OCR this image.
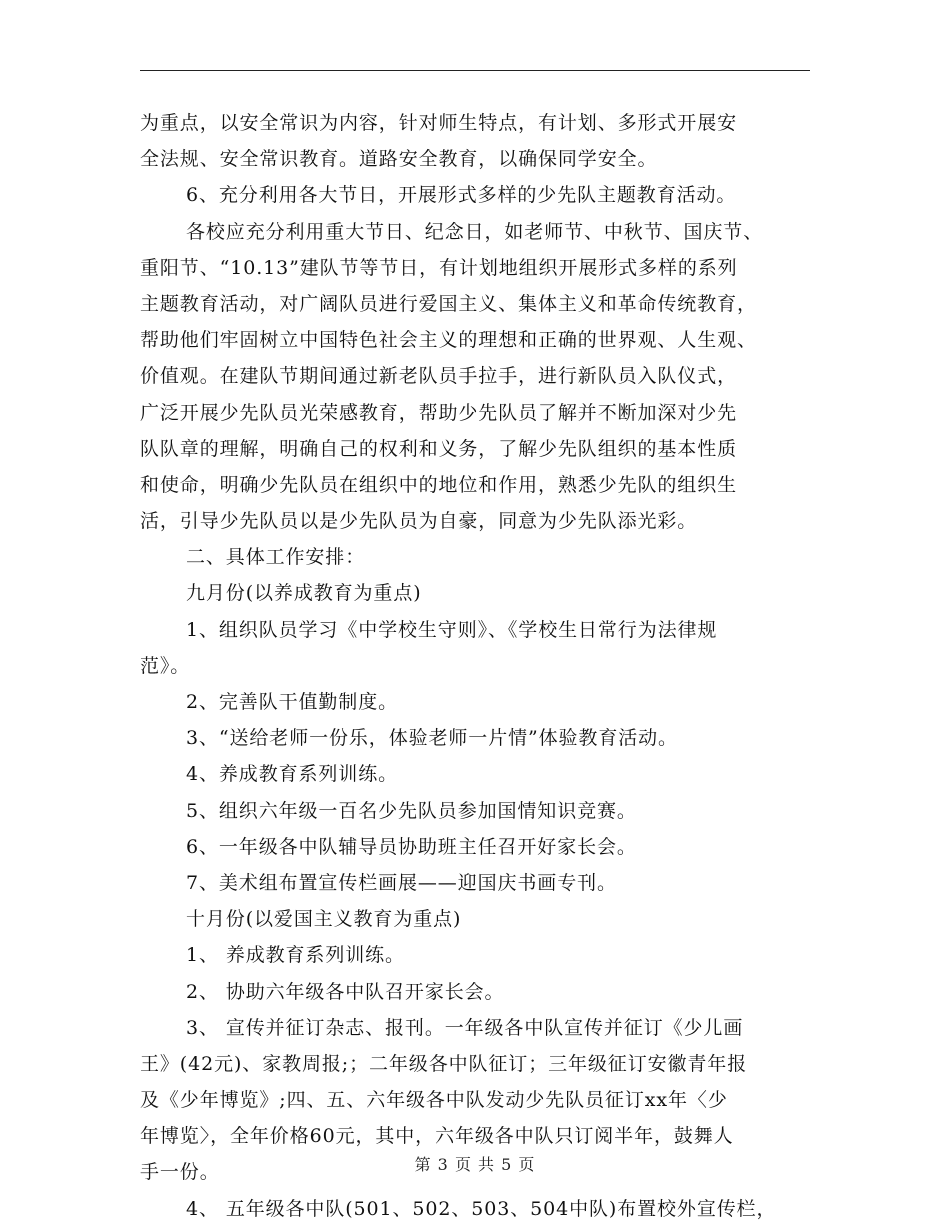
为重点，以安全常识为内容，针对师生特点，有计划、多形式开展安
全法规、安全常识教育。道路安全教育，以确保同学安全。
6、充分利用各大节日，开展形式多样的少先队主题教育活动。
各校应充分利用重大节日、纪念日，如老师节、中秋节、国庆节、
重阳节、“10.13”建队节等节日，有计划地组织开展形式多样的系列
主题教育活动，对广阔队员进行爱国主义、集体主义和革命传统教育，
帮助他们牢固树立中国特色社会主义的理想和正确的世界观、人生观、
价值观。在建队节期间通过新老队员手拉手，进行新队员入队仪式，
广泛开展少先队员光荣感教育，帮助少先队员了解并不断加深对少先
队队章的理解，明确自己的权利和义务，了解少先队组织的基本性质
和使命，明确少先队员在组织中的地位和作用，熟悉少先队的组织生
活，引导少先队员以是少先队员为自豪，同意为少先队添光彩。
二、具体工作安排：
九月份(以养成教育为重点)
1、组织队员学习《中学校生守则》、《学校生日常行为法律规
范》。
2、完善队干值勤制度。
3、“送给老师一份乐，体验老师一片情”体验教育活动。
4、养成教育系列训练。
5、组织六年级一百名少先队员参加国情知识竞赛。
6、一年级各中队辅导员协助班主任召开好家长会。
7、美术组布置宣传栏画展——迎国庆书画专刊。
十月份(以爱国主义教育为重点)
1、 养成教育系列训练。
2、 协助六年级各中队召开家长会。
3、 宣传并征订杂志、报刊。一年级各中队宣传并征订《少儿画
王》(42元)、家教周报;；二年级各中队征订；三年级征订安徽青年报
及《少年博览》;四、五、六年级各中队发动少先队员征订xx年〈少
年博览〉，全年价格60元，其中，六年级各中队只订阅半年，鼓舞人
手一份。
4、 五年级各中队(501、502、503、504中队)布置校外宣传栏，
第 3 页 共 5 页
